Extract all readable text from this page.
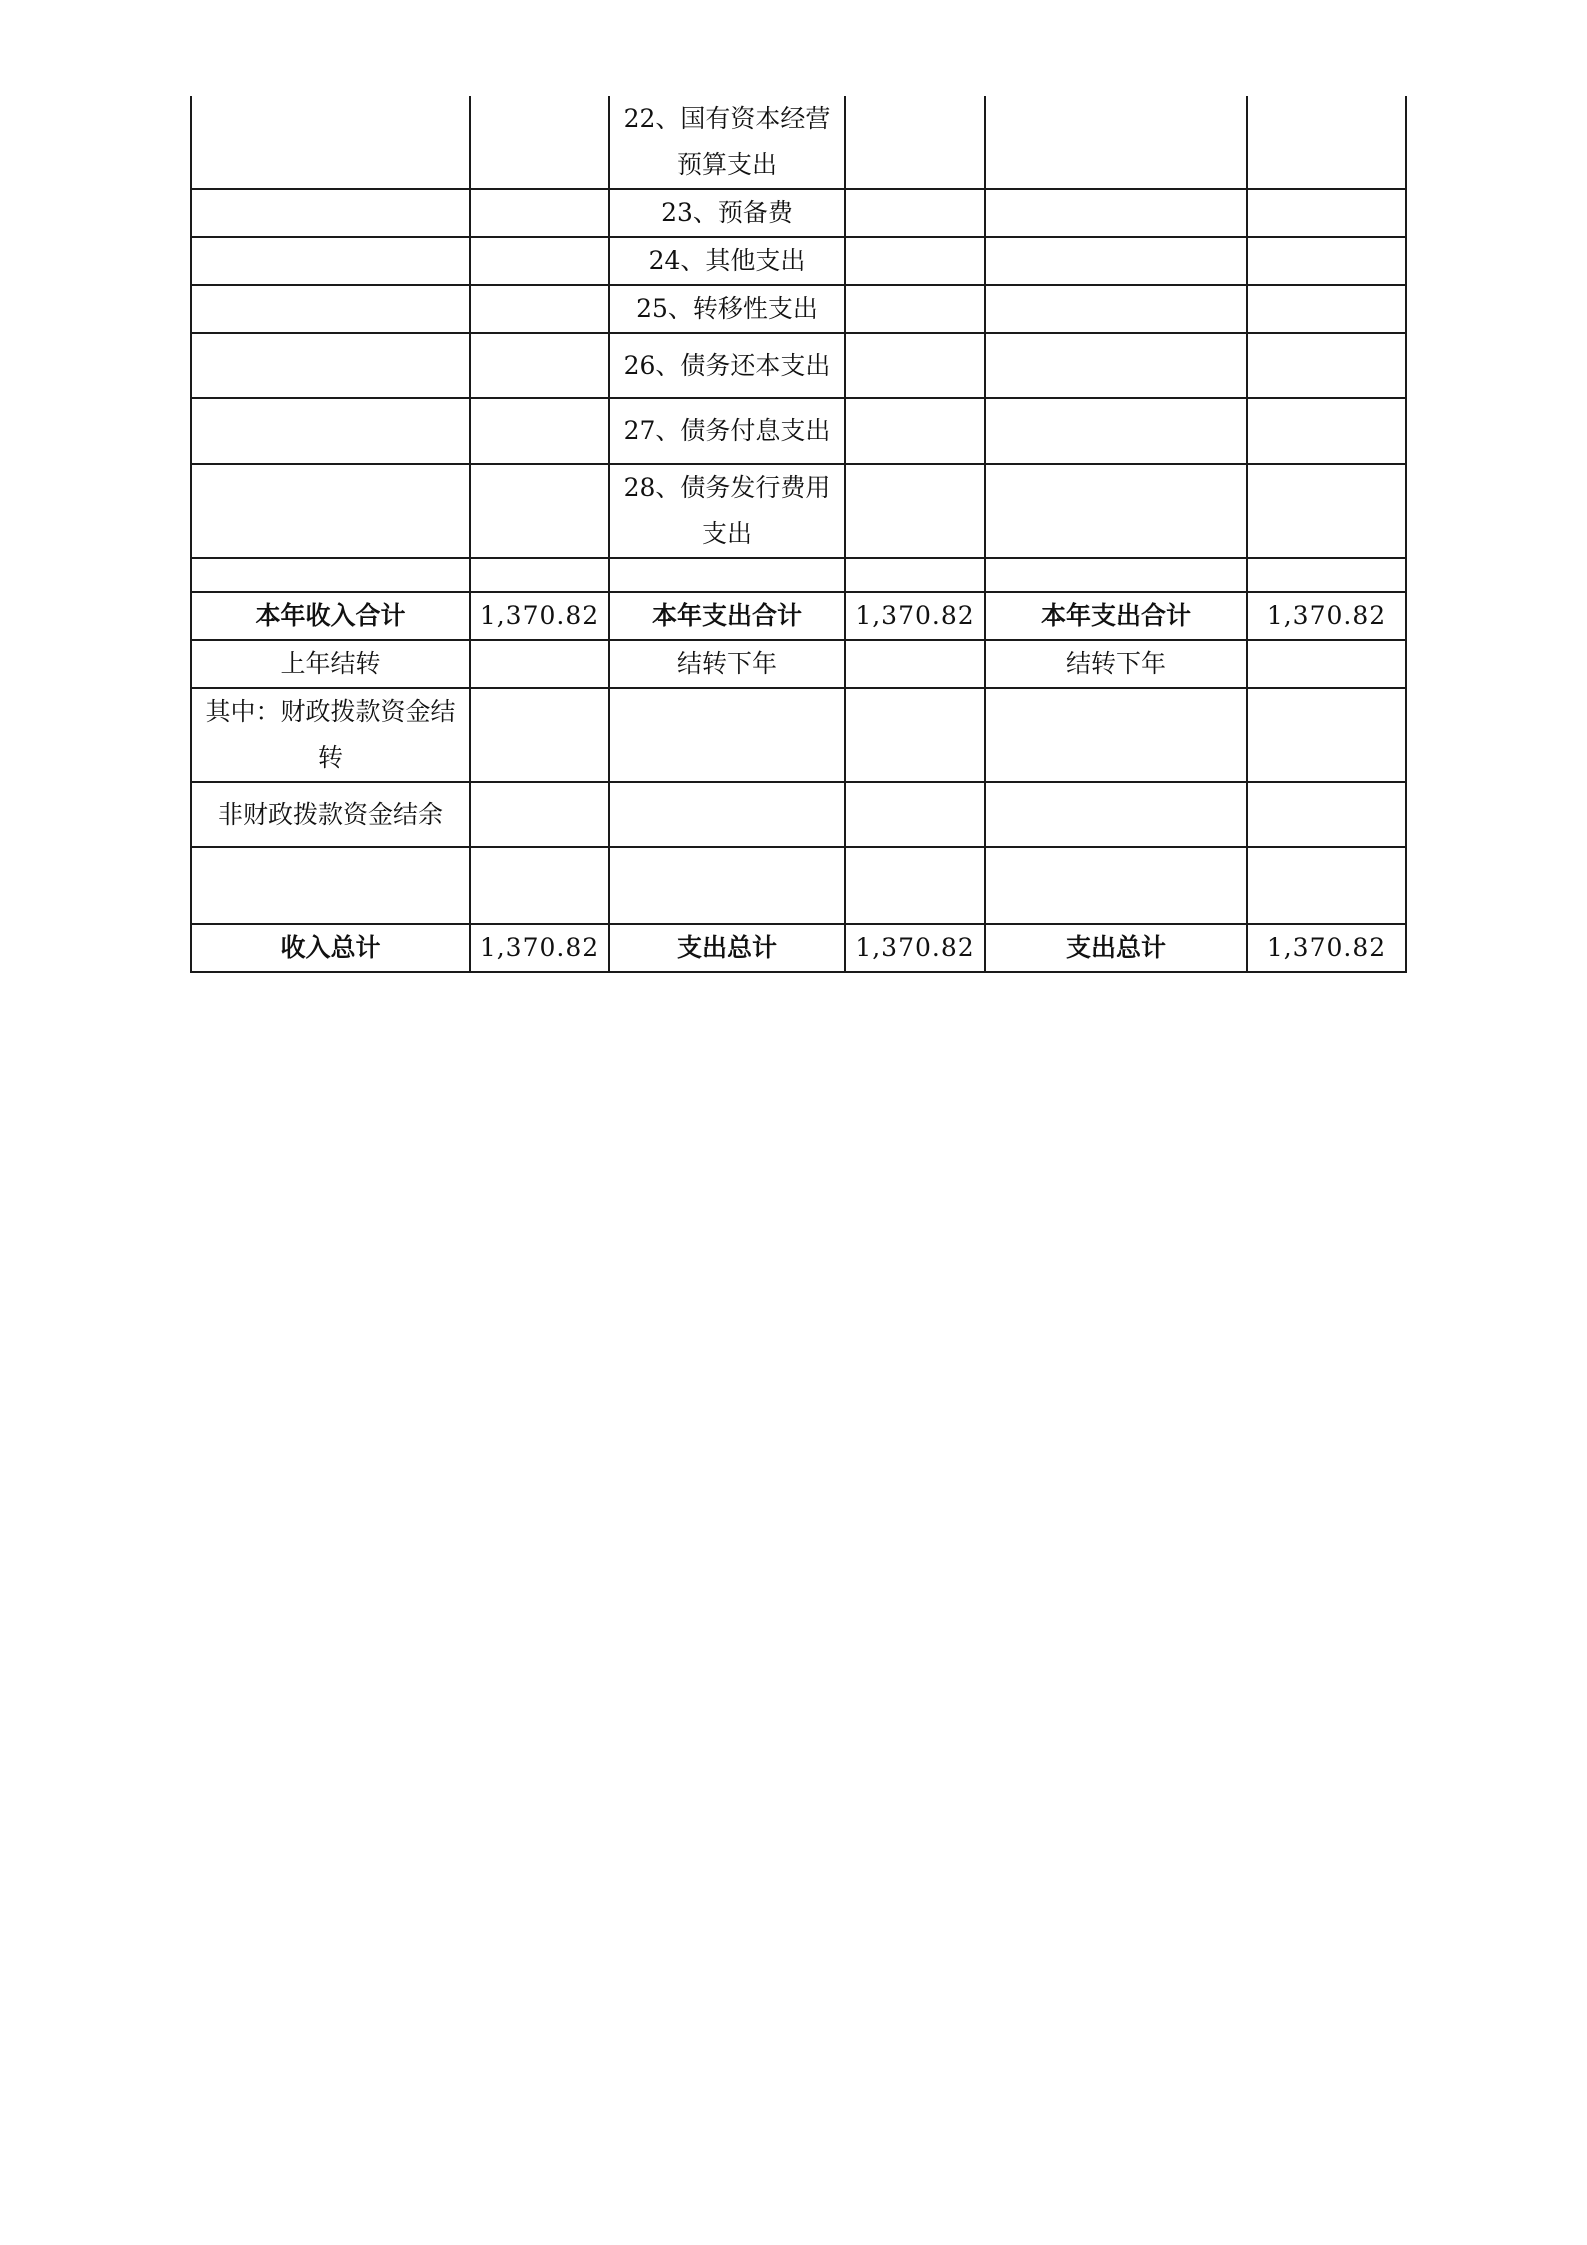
		22、国有资本经营预算支出			
		23、预备费			
		24、其他支出			
		25、转移性支出			
		26、债务还本支出			
		27、债务付息支出			
		28、债务发行费用支出			

本年收入合计	1,370.82	本年支出合计	1,370.82	本年支出合计	1,370.82
上年结转		结转下年		结转下年	
其中：财政拨款资金结转					
非财政拨款资金结余					

收入总计	1,370.82	支出总计	1,370.82	支出总计	1,370.82
